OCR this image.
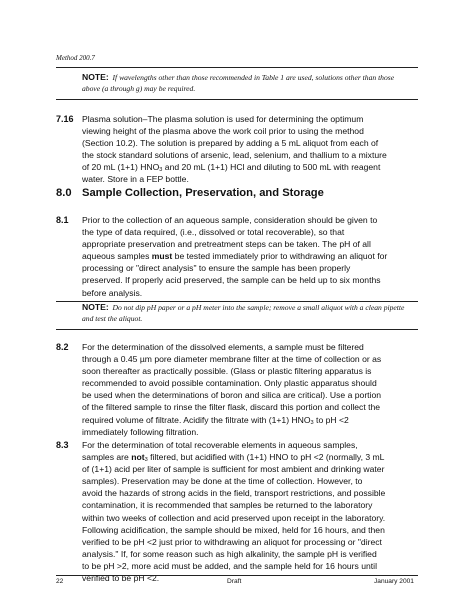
Method 200.7
NOTE: If wavelengths other than those recommended in Table 1 are used, solutions other than those above (a through g) may be required.
7.16 Plasma solution–The plasma solution is used for determining the optimum
viewing height of the plasma above the work coil prior to using the method
(Section 10.2). The solution is prepared by adding a 5 mL aliquot from each of
the stock standard solutions of arsenic, lead, selenium, and thallium to a mixture
of 20 mL (1+1) $HNO_3$ and 20 mL (1+1) HCl and diluting to 500 mL with reagent
water. Store in a FEP bottle.
8.0 Sample Collection, Preservation, and Storage
8.1 Prior to the collection of an aqueous sample, consideration should be given to
the type of data required, (i.e., dissolved or total recoverable), so that
appropriate preservation and pretreatment steps can be taken. The pH of all
aqueous samples must be tested immediately prior to withdrawing an aliquot for
processing or "direct analysis" to ensure the sample has been properly
preserved. If properly acid preserved, the sample can be held up to six months
before analysis.
NOTE: Do not dip pH paper or a pH meter into the sample; remove a small aliquot with a clean pipette and test the aliquot.
8.2 For the determination of the dissolved elements, a sample must be filtered
through a 0.45 µm pore diameter membrane filter at the time of collection or as
soon thereafter as practically possible. (Glass or plastic filtering apparatus is
recommended to avoid possible contamination. Only plastic apparatus should
be used when the determinations of boron and silica are critical). Use a portion
of the filtered sample to rinse the filter flask, discard this portion and collect the
required volume of filtrate. Acidify the filtrate with (1+1) $HNO_3$ to pH <2
immediately following filtration.
8.3 For the determination of total recoverable elements in aqueous samples,
samples are not$_3$ filtered, but acidified with (1+1) HNO to pH <2 (normally, 3 mL
of (1+1) acid per liter of sample is sufficient for most ambient and drinking water
samples). Preservation may be done at the time of collection. However, to
avoid the hazards of strong acids in the field, transport restrictions, and possible
contamination, it is recommended that samples be returned to the laboratory
within two weeks of collection and acid preserved upon receipt in the laboratory.
Following acidification, the sample should be mixed, held for 16 hours, and then
verified to be pH <2 just prior to withdrawing an aliquot for processing or "direct
analysis." If, for some reason such as high alkalinity, the sample pH is verified
to be pH >2, more acid must be added, and the sample held for 16 hours until
verified to be pH <2.
22	Draft	January 2001
